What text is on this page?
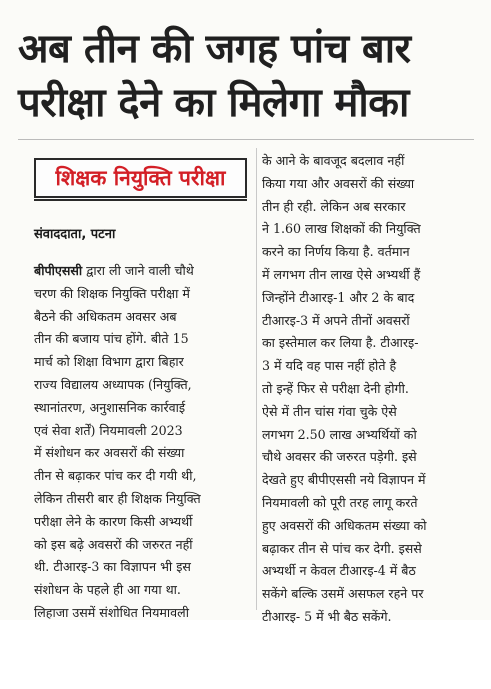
अब तीन की जगह पांच बार
परीक्षा देने का मिलेगा मौका
शिक्षक नियुक्ति परीक्षा
संवाददाता, पटना
बीपीएससी द्वारा ली जाने वाली चौथे
चरण की शिक्षक नियुक्ति परीक्षा में
बैठने की अधिकतम अवसर अब
तीन की बजाय पांच होंगे. बीते 15
मार्च को शिक्षा विभाग द्वारा बिहार
राज्य विद्यालय अध्यापक (नियुक्ति,
स्थानांतरण, अनुशासनिक कार्रवाई
एवं सेवा शर्तें) नियमावली 2023
में संशोधन कर अवसरों की संख्या
तीन से बढ़ाकर पांच कर दी गयी थी,
लेकिन तीसरी बार ही शिक्षक नियुक्ति
परीक्षा लेने के कारण किसी अभ्यर्थी
को इस बढ़े अवसरों की जरुरत नहीं
थी. टीआरइ-3 का विज्ञापन भी इस
संशोधन के पहले ही आ गया था.
लिहाजा उसमें संशोधित नियमावली
के आने के बावजूद बदलाव नहीं
किया गया और अवसरों की संख्या
तीन ही रही. लेकिन अब सरकार
ने 1.60 लाख शिक्षकों की नियुक्ति
करने का निर्णय किया है. वर्तमान
में लगभग तीन लाख ऐसे अभ्यर्थी हैं
जिन्होंने टीआरइ-1 और 2 के बाद
टीआरइ-3 में अपने तीनों अवसरों
का इस्तेमाल कर लिया है. टीआरइ-
3 में यदि वह पास नहीं होते है
तो इन्हें फिर से परीक्षा देनी होगी.
ऐसे में तीन चांस गंवा चुके ऐसे
लगभग 2.50 लाख अभ्यर्थियों को
चौथे अवसर की जरुरत पड़ेगी. इसे
देखते हुए बीपीएससी नये विज्ञापन में
नियमावली को पूरी तरह लागू करते
हुए अवसरों की अधिकतम संख्या को
बढ़ाकर तीन से पांच कर देगी. इससे
अभ्यर्थी न केवल टीआरइ-4 में बैठ
सकेंगे बल्कि उसमें असफल रहने पर
टीआरइ- 5 में भी बैठ सकेंगे.
